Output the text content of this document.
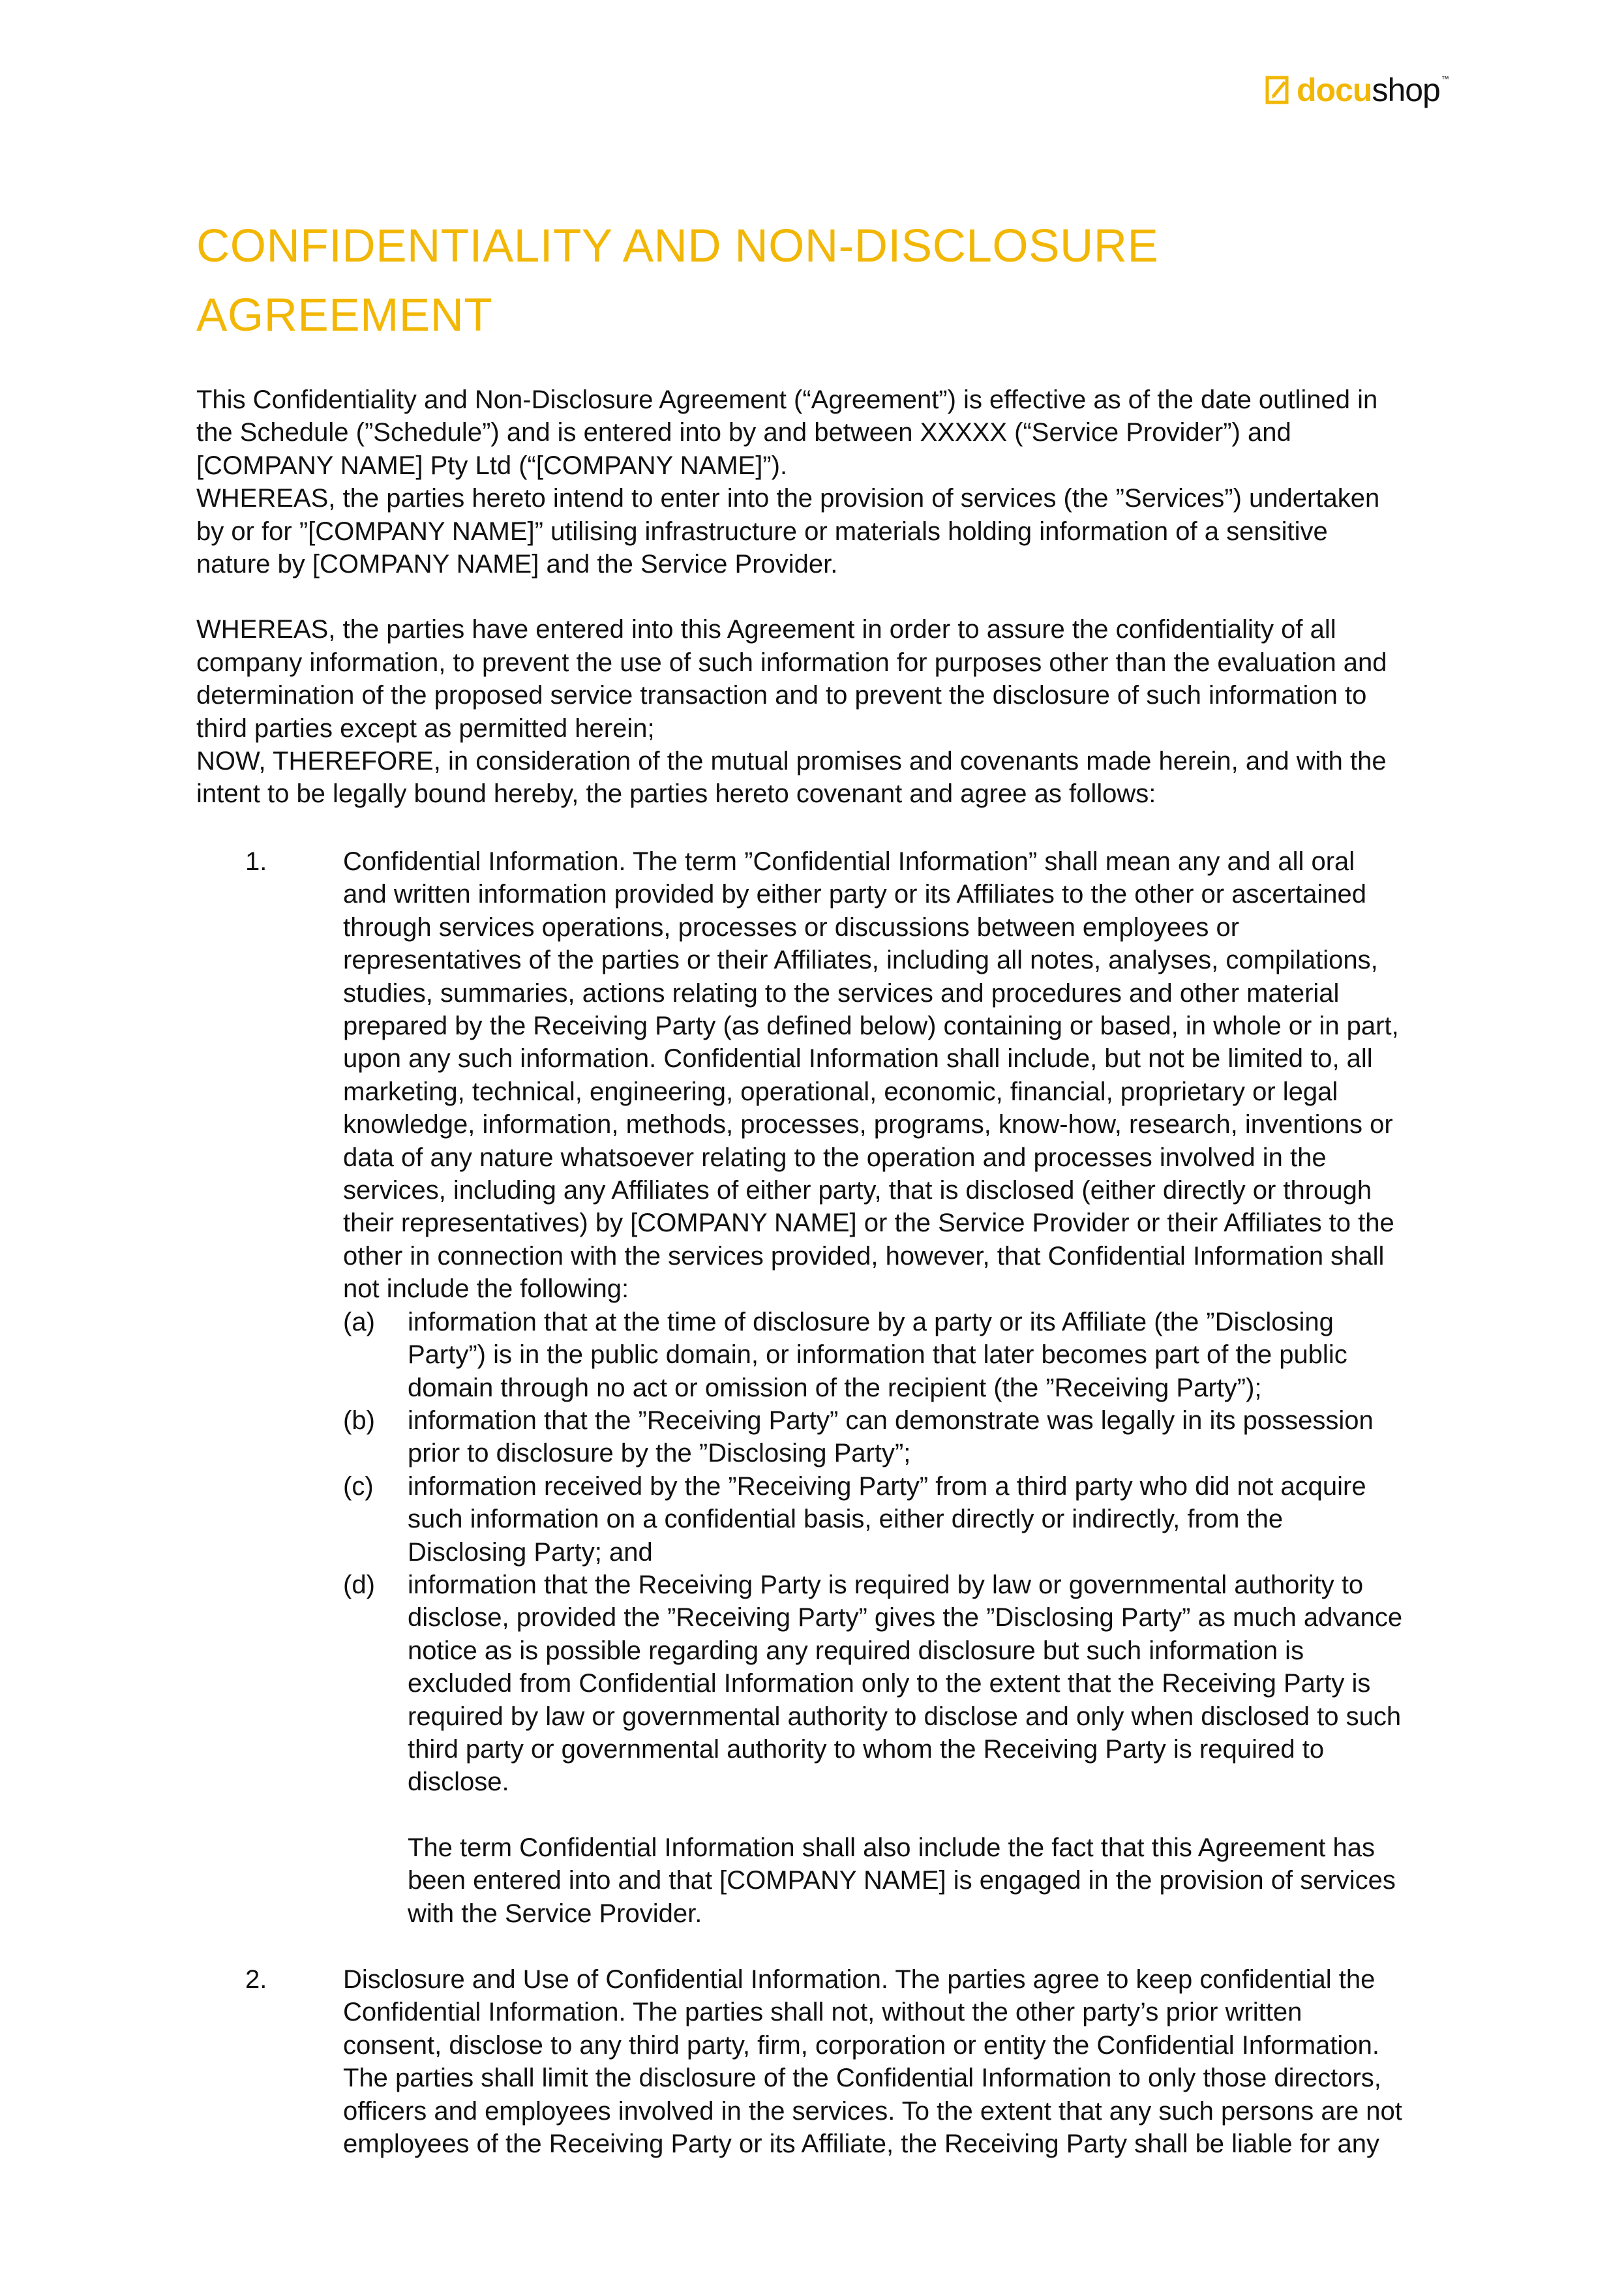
docu shop ™
CONFIDENTIALITY AND NON-DISCLOSURE
AGREEMENT
This Confidentiality and Non-Disclosure Agreement (“Agreement”) is effective as of the date outlined in
the Schedule (”Schedule”) and is entered into by and between XXXXX (“Service Provider”) and
[COMPANY NAME] Pty Ltd (“[COMPANY NAME]”).
WHEREAS, the parties hereto intend to enter into the provision of services (the ”Services”) undertaken
by or for ”[COMPANY NAME]” utilising infrastructure or materials holding information of a sensitive
nature by [COMPANY NAME] and the Service Provider.
WHEREAS, the parties have entered into this Agreement in order to assure the confidentiality of all
company information, to prevent the use of such information for purposes other than the evaluation and
determination of the proposed service transaction and to prevent the disclosure of such information to
third parties except as permitted herein;
NOW, THEREFORE, in consideration of the mutual promises and covenants made herein, and with the
intent to be legally bound hereby, the parties hereto covenant and agree as follows:
1.	Confidential Information. The term ”Confidential Information” shall mean any and all oral
and written information provided by either party or its Affiliates to the other or ascertained
through services operations, processes or discussions between employees or
representatives of the parties or their Affiliates, including all notes, analyses, compilations,
studies, summaries, actions relating to the services and procedures and other material
prepared by the Receiving Party (as defined below) containing or based, in whole or in part,
upon any such information. Confidential Information shall include, but not be limited to, all
marketing, technical, engineering, operational, economic, financial, proprietary or legal
knowledge, information, methods, processes, programs, know-how, research, inventions or
data of any nature whatsoever relating to the operation and processes involved in the
services, including any Affiliates of either party, that is disclosed (either directly or through
their representatives) by [COMPANY NAME] or the Service Provider or their Affiliates to the
other in connection with the services provided, however, that Confidential Information shall
not include the following:
(a) information that at the time of disclosure by a party or its Affiliate (the ”Disclosing
Party”) is in the public domain, or information that later becomes part of the public
domain through no act or omission of the recipient (the ”Receiving Party”);
(b) information that the ”Receiving Party” can demonstrate was legally in its possession
prior to disclosure by the ”Disclosing Party”;
(c) information received by the ”Receiving Party” from a third party who did not acquire
such information on a confidential basis, either directly or indirectly, from the
Disclosing Party; and
(d) information that the Receiving Party is required by law or governmental authority to
disclose, provided the ”Receiving Party” gives the ”Disclosing Party” as much advance
notice as is possible regarding any required disclosure but such information is
excluded from Confidential Information only to the extent that the Receiving Party is
required by law or governmental authority to disclose and only when disclosed to such
third party or governmental authority to whom the Receiving Party is required to
disclose.
The term Confidential Information shall also include the fact that this Agreement has
been entered into and that [COMPANY NAME] is engaged in the provision of services
with the Service Provider.
2.	Disclosure and Use of Confidential Information. The parties agree to keep confidential the
Confidential Information. The parties shall not, without the other party’s prior written
consent, disclose to any third party, firm, corporation or entity the Confidential Information.
The parties shall limit the disclosure of the Confidential Information to only those directors,
officers and employees involved in the services. To the extent that any such persons are not
employees of the Receiving Party or its Affiliate, the Receiving Party shall be liable for any
